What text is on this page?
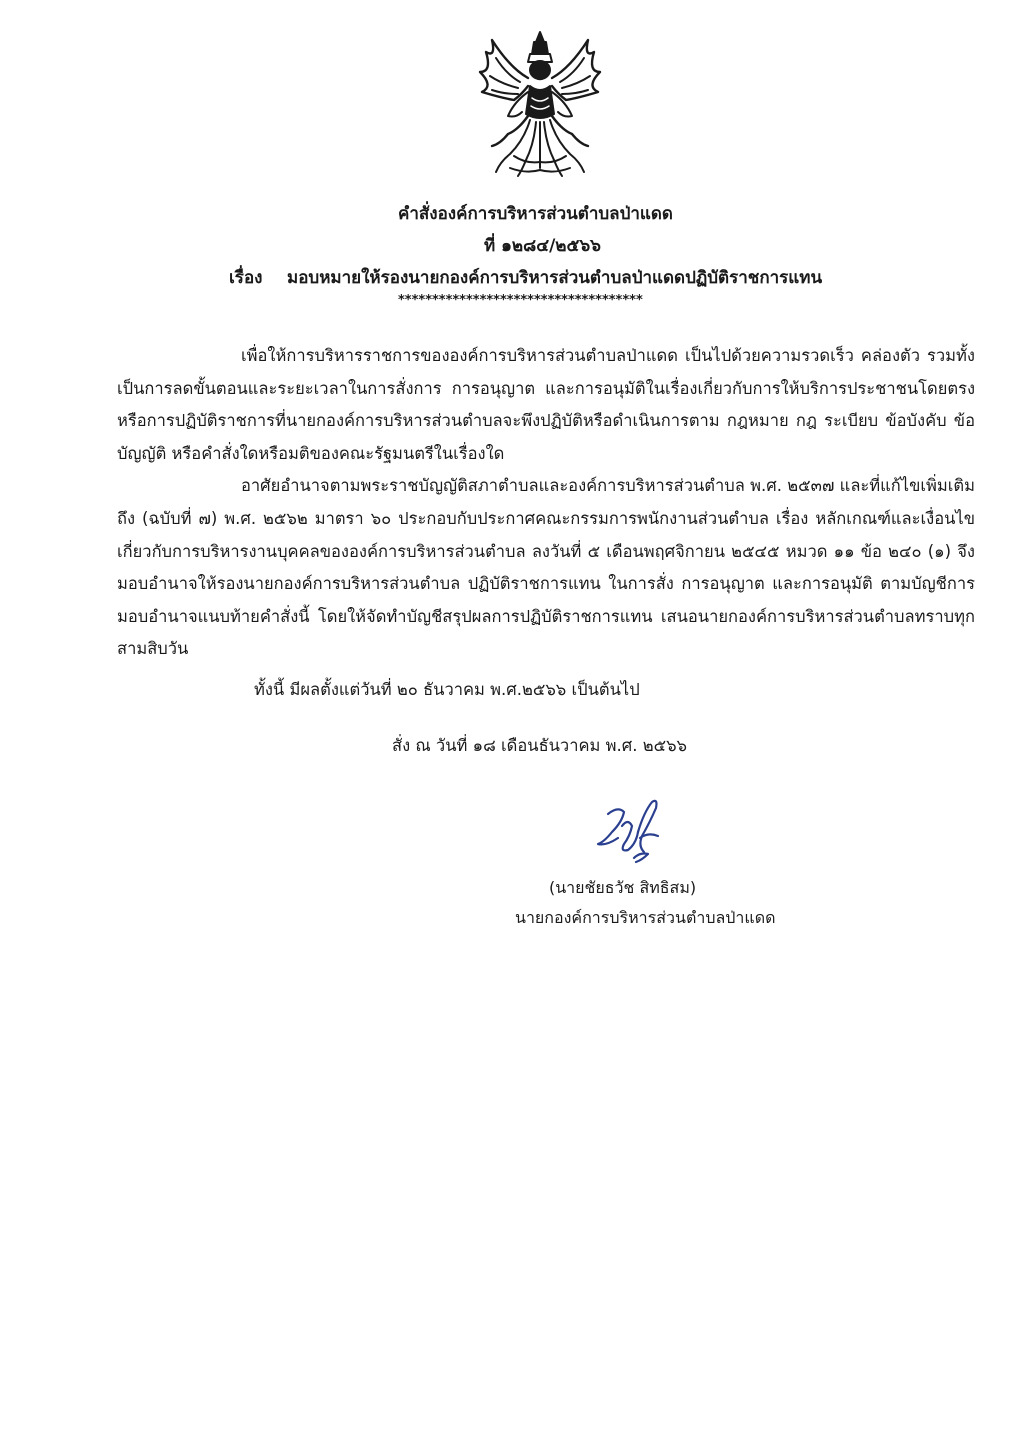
คำสั่งองค์การบริหารส่วนตำบลป่าแดด
ที่ ๑๒๘๔/๒๕๖๖
เรื่อง มอบหมายให้รองนายกองค์การบริหารส่วนตำบลป่าแดดปฏิบัติราชการแทน
************************************

เพื่อให้การบริหารราชการขององค์การบริหารส่วนตำบลป่าแดด เป็นไปด้วยความรวดเร็ว คล่องตัว รวมทั้งเป็นการลดขั้นตอนและระยะเวลาในการสั่งการ การอนุญาต และการอนุมัติในเรื่องเกี่ยวกับการให้บริการประชาชนโดยตรง หรือการปฏิบัติราชการที่นายกองค์การบริหารส่วนตำบลจะพึงปฏิบัติหรือดำเนินการตาม กฎหมาย กฎ ระเบียบ ข้อบังคับ ข้อบัญญัติ หรือคำสั่งใดหรือมติของคณะรัฐมนตรีในเรื่องใด

อาศัยอำนาจตามพระราชบัญญัติสภาตำบลและองค์การบริหารส่วนตำบล พ.ศ. ๒๕๓๗ และที่แก้ไขเพิ่มเติมถึง (ฉบับที่ ๗) พ.ศ. ๒๕๖๒ มาตรา ๖๐ ประกอบกับประกาศคณะกรรมการพนักงานส่วนตำบล เรื่อง หลักเกณฑ์และเงื่อนไขเกี่ยวกับการบริหารงานบุคคลขององค์การบริหารส่วนตำบล ลงวันที่ ๕ เดือนพฤศจิกายน ๒๕๔๕ หมวด ๑๑ ข้อ ๒๔๐ (๑) จึงมอบอำนาจให้รองนายกองค์การบริหารส่วนตำบล ปฏิบัติราชการแทน ในการสั่ง การอนุญาต และการอนุมัติ ตามบัญชีการมอบอำนาจแนบท้ายคำสั่งนี้ โดยให้จัดทำบัญชีสรุปผลการปฏิบัติราชการแทน เสนอนายกองค์การบริหารส่วนตำบลทราบทุกสามสิบวัน

ทั้งนี้ มีผลตั้งแต่วันที่ ๒๐ ธันวาคม พ.ศ.๒๕๖๖ เป็นต้นไป
สั่ง ณ วันที่ ๑๘ เดือนธันวาคม พ.ศ. ๒๕๖๖
(นายชัยธวัช สิทธิสม)
นายกองค์การบริหารส่วนตำบลป่าแดด
